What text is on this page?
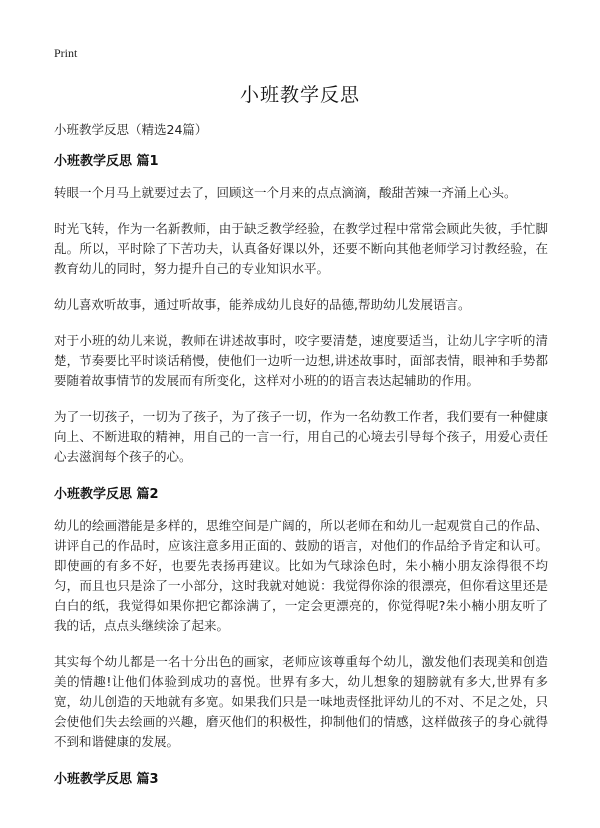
Print
小班教学反思
小班教学反思（精选24篇）
小班教学反思 篇1

转眼一个月马上就要过去了，回顾这一个月来的点点滴滴，酸甜苦辣一齐涌上心头。

时光飞转，作为一名新教师，由于缺乏教学经验，在教学过程中常常会顾此失彼，手忙脚乱。所以，平时除了下苦功夫，认真备好课以外，还要不断向其他老师学习讨教经验，在教育幼儿的同时，努力提升自己的专业知识水平。

幼儿喜欢听故事，通过听故事，能养成幼儿良好的品德,帮助幼儿发展语言。

对于小班的幼儿来说，教师在讲述故事时，咬字要清楚，速度要适当，让幼儿字字听的清楚，节奏要比平时谈话稍慢，使他们一边听一边想,讲述故事时，面部表情，眼神和手势都要随着故事情节的发展而有所变化，这样对小班的的语言表达起辅助的作用。

为了一切孩子，一切为了孩子，为了孩子一切，作为一名幼教工作者，我们要有一种健康向上、不断进取的精神，用自己的一言一行，用自己的心境去引导每个孩子，用爱心责任心去滋润每个孩子的心。

小班教学反思 篇2

幼儿的绘画潜能是多样的，思维空间是广阔的，所以老师在和幼儿一起观赏自己的作品、讲评自己的作品时，应该注意多用正面的、鼓励的语言，对他们的作品给予肯定和认可。即使画的有多不好，也要先表扬再建议。比如为气球涂色时，朱小楠小朋友涂得很不均匀，而且也只是涂了一小部分，这时我就对她说：我觉得你涂的很漂亮，但你看这里还是白白的纸，我觉得如果你把它都涂满了，一定会更漂亮的，你觉得呢?朱小楠小朋友听了我的话，点点头继续涂了起来。

其实每个幼儿都是一名十分出色的画家，老师应该尊重每个幼儿，激发他们表现美和创造美的情趣!让他们体验到成功的喜悦。世界有多大，幼儿想象的翅膀就有多大,世界有多宽，幼儿创造的天地就有多宽。如果我们只是一味地责怪批评幼儿的不对、不足之处，只会使他们失去绘画的兴趣，磨灭他们的积极性，抑制他们的情感，这样做孩子的身心就得不到和谐健康的发展。

小班教学反思 篇3
